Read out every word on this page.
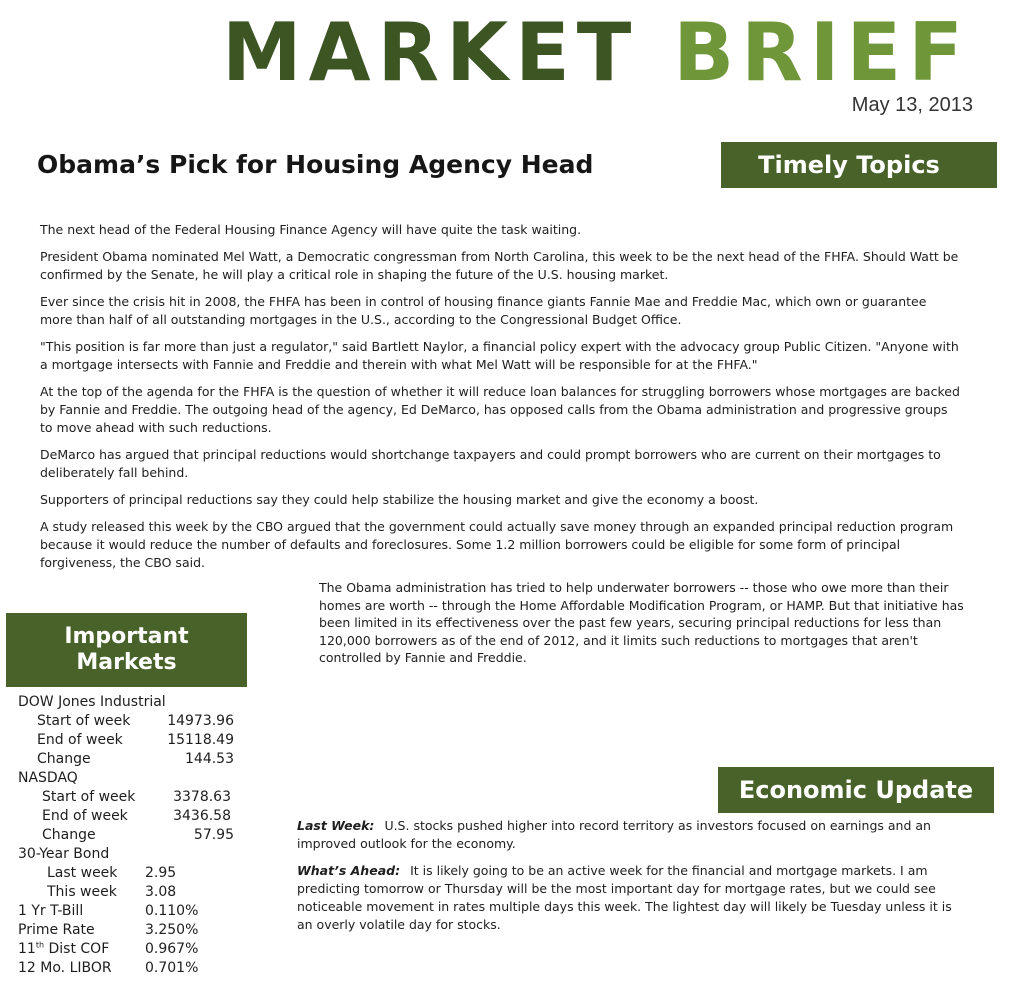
MARKET BRIEF
May 13, 2013
Obama’s Pick for Housing Agency Head	Timely Topics

The next head of the Federal Housing Finance Agency will have quite the task waiting.

President Obama nominated Mel Watt, a Democratic congressman from North Carolina, this week to be the next head of the FHFA. Should Watt be confirmed by the Senate, he will play a critical role in shaping the future of the U.S. housing market.

Ever since the crisis hit in 2008, the FHFA has been in control of housing finance giants Fannie Mae and Freddie Mac, which own or guarantee more than half of all outstanding mortgages in the U.S., according to the Congressional Budget Office.

"This position is far more than just a regulator," said Bartlett Naylor, a financial policy expert with the advocacy group Public Citizen. "Anyone with a mortgage intersects with Fannie and Freddie and therein with what Mel Watt will be responsible for at the FHFA."

At the top of the agenda for the FHFA is the question of whether it will reduce loan balances for struggling borrowers whose mortgages are backed by Fannie and Freddie. The outgoing head of the agency, Ed DeMarco, has opposed calls from the Obama administration and progressive groups to move ahead with such reductions.

DeMarco has argued that principal reductions would shortchange taxpayers and could prompt borrowers who are current on their mortgages to deliberately fall behind.

Supporters of principal reductions say they could help stabilize the housing market and give the economy a boost.

A study released this week by the CBO argued that the government could actually save money through an expanded principal reduction program because it would reduce the number of defaults and foreclosures. Some 1.2 million borrowers could be eligible for some form of principal forgiveness, the CBO said.

The Obama administration has tried to help underwater borrowers -- those who owe more than their homes are worth -- through the Home Affordable Modification Program, or HAMP. But that initiative has been limited in its effectiveness over the past few years, securing principal reductions for less than 120,000 borrowers as of the end of 2012, and it limits such reductions to mortgages that aren't controlled by Fannie and Freddie.
Important
Markets
DOW Jones Industrial
Start of week	14973.96
End of week	15118.49
Change	144.53
NASDAQ
Start of week	3378.63
End of week	3436.58
Change	57.95
30-Year Bond
Last week 2.95
This week 3.08
1 Yr T-Bill	0.110%
Prime Rate	3.250%
11th Dist COF	0.967%
12 Mo. LIBOR 0.701%
Economic Update

Last Week: U.S. stocks pushed higher into record territory as investors focused on earnings and an improved outlook for the economy.

What’s Ahead: It is likely going to be an active week for the financial and mortgage markets. I am predicting tomorrow or Thursday will be the most important day for mortgage rates, but we could see noticeable movement in rates multiple days this week. The lightest day will likely be Tuesday unless it is an overly volatile day for stocks.
